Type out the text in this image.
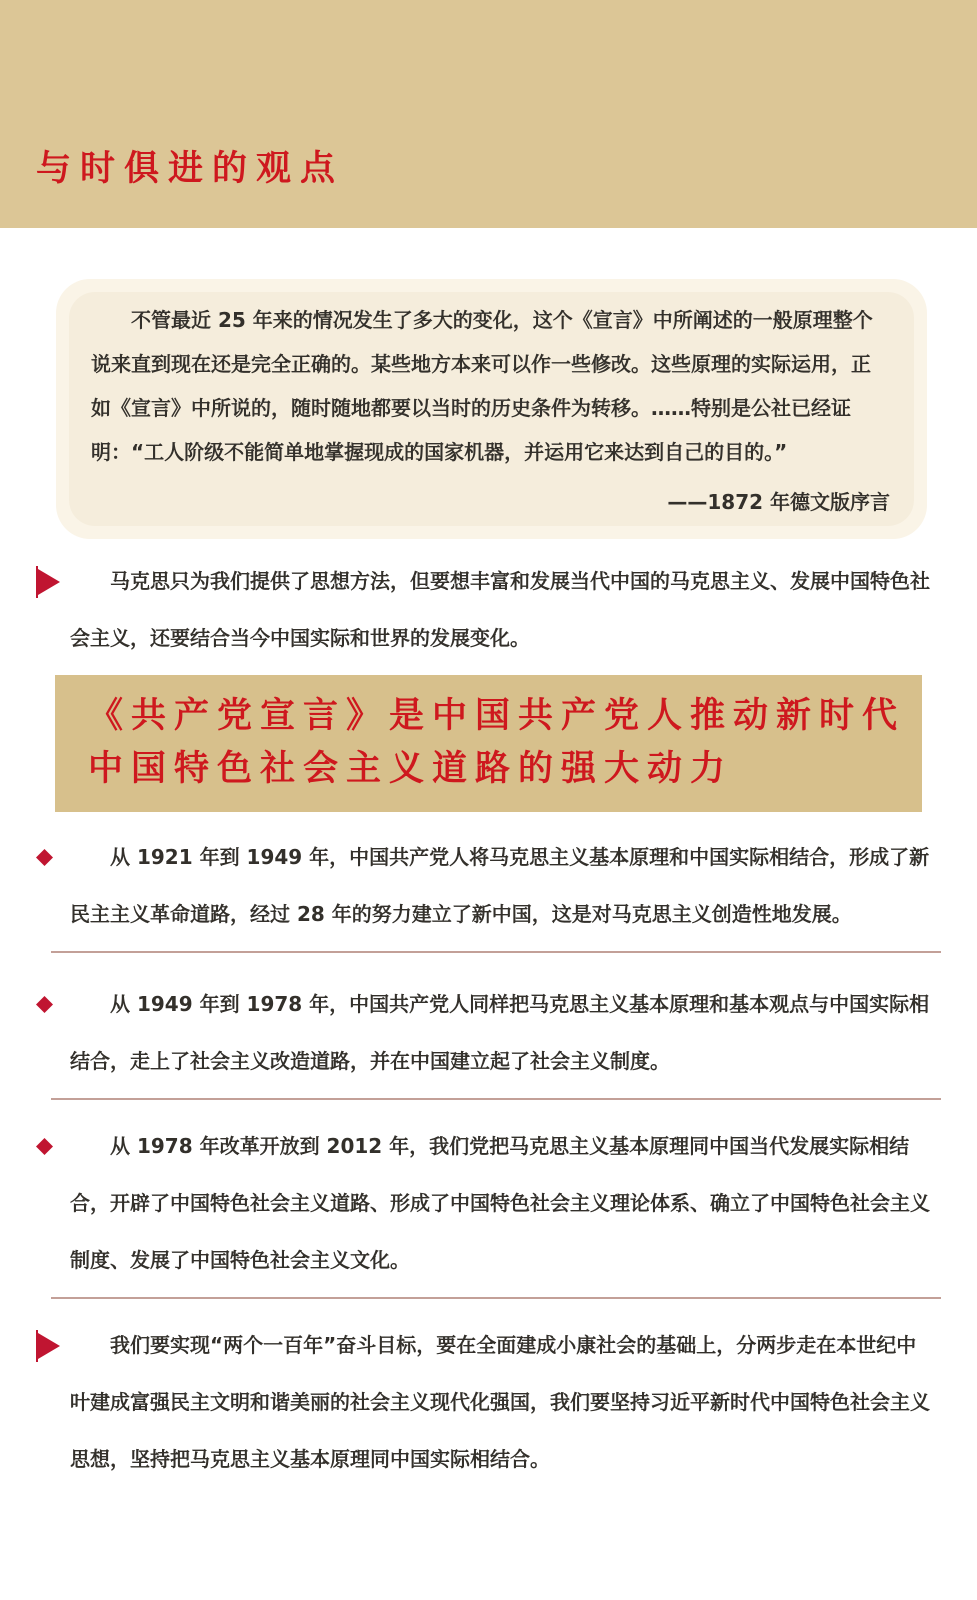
与时俱进的观点

不管最近 25 年来的情况发生了多大的变化，这个《宣言》中所阐述的一般原理整个说来直到现在还是完全正确的。某些地方本来可以作一些修改。这些原理的实际运用，正如《宣言》中所说的，随时随地都要以当时的历史条件为转移。……特别是公社已经证明：“工人阶级不能简单地掌握现成的国家机器，并运用它来达到自己的目的。”

——1872 年德文版序言

马克思只为我们提供了思想方法，但要想丰富和发展当代中国的马克思主义、发展中国特色社会主义，还要结合当今中国实际和世界的发展变化。

《共产党宣言》是中国共产党人推动新时代

中国特色社会主义道路的强大动力

从 1921 年到 1949 年，中国共产党人将马克思主义基本原理和中国实际相结合，形成了新民主主义革命道路，经过 28 年的努力建立了新中国，这是对马克思主义创造性地发展。

从 1949 年到 1978 年，中国共产党人同样把马克思主义基本原理和基本观点与中国实际相结合，走上了社会主义改造道路，并在中国建立起了社会主义制度。

从 1978 年改革开放到 2012 年，我们党把马克思主义基本原理同中国当代发展实际相结合，开辟了中国特色社会主义道路、形成了中国特色社会主义理论体系、确立了中国特色社会主义制度、发展了中国特色社会主义文化。

我们要实现“两个一百年”奋斗目标，要在全面建成小康社会的基础上，分两步走在本世纪中叶建成富强民主文明和谐美丽的社会主义现代化强国，我们要坚持习近平新时代中国特色社会主义思想，坚持把马克思主义基本原理同中国实际相结合。
